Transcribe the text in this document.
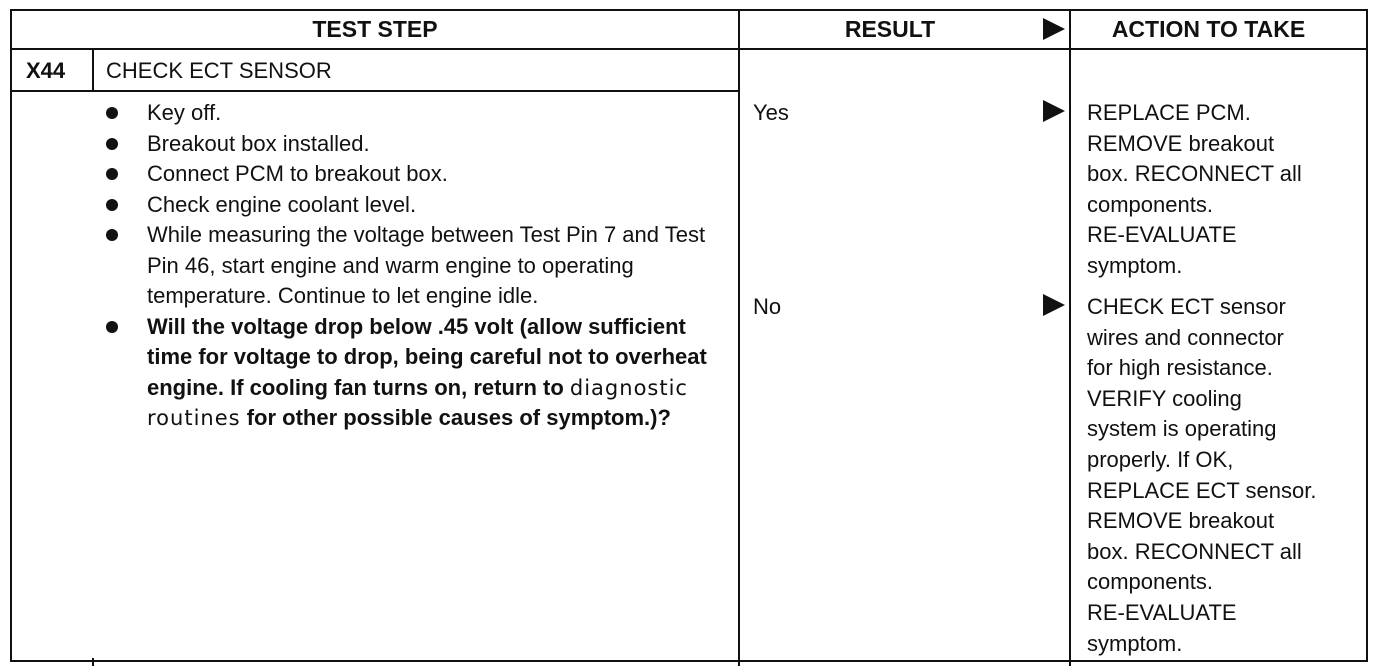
TEST STEP	RESULT	ACTION TO TAKE
X44 CHECK ECT SENSOR
Key off.
Breakout box installed.
Connect PCM to breakout box.
Check engine coolant level.
While measuring the voltage between Test Pin 7 and Test Pin 46, start engine and warm engine to operating temperature. Continue to let engine idle.
Will the voltage drop below .45 volt (allow sufficient time for voltage to drop, being careful not to overheat engine. If cooling fan turns on, return to diagnostic routines for other possible causes of symptom.)?
Yes
No
REPLACE PCM.
REMOVE breakout
box. RECONNECT all
components.
RE-EVALUATE
symptom.
CHECK ECT sensor
wires and connector
for high resistance.
VERIFY cooling
system is operating
properly. If OK,
REPLACE ECT sensor.
REMOVE breakout
box. RECONNECT all
components.
RE-EVALUATE
symptom.
